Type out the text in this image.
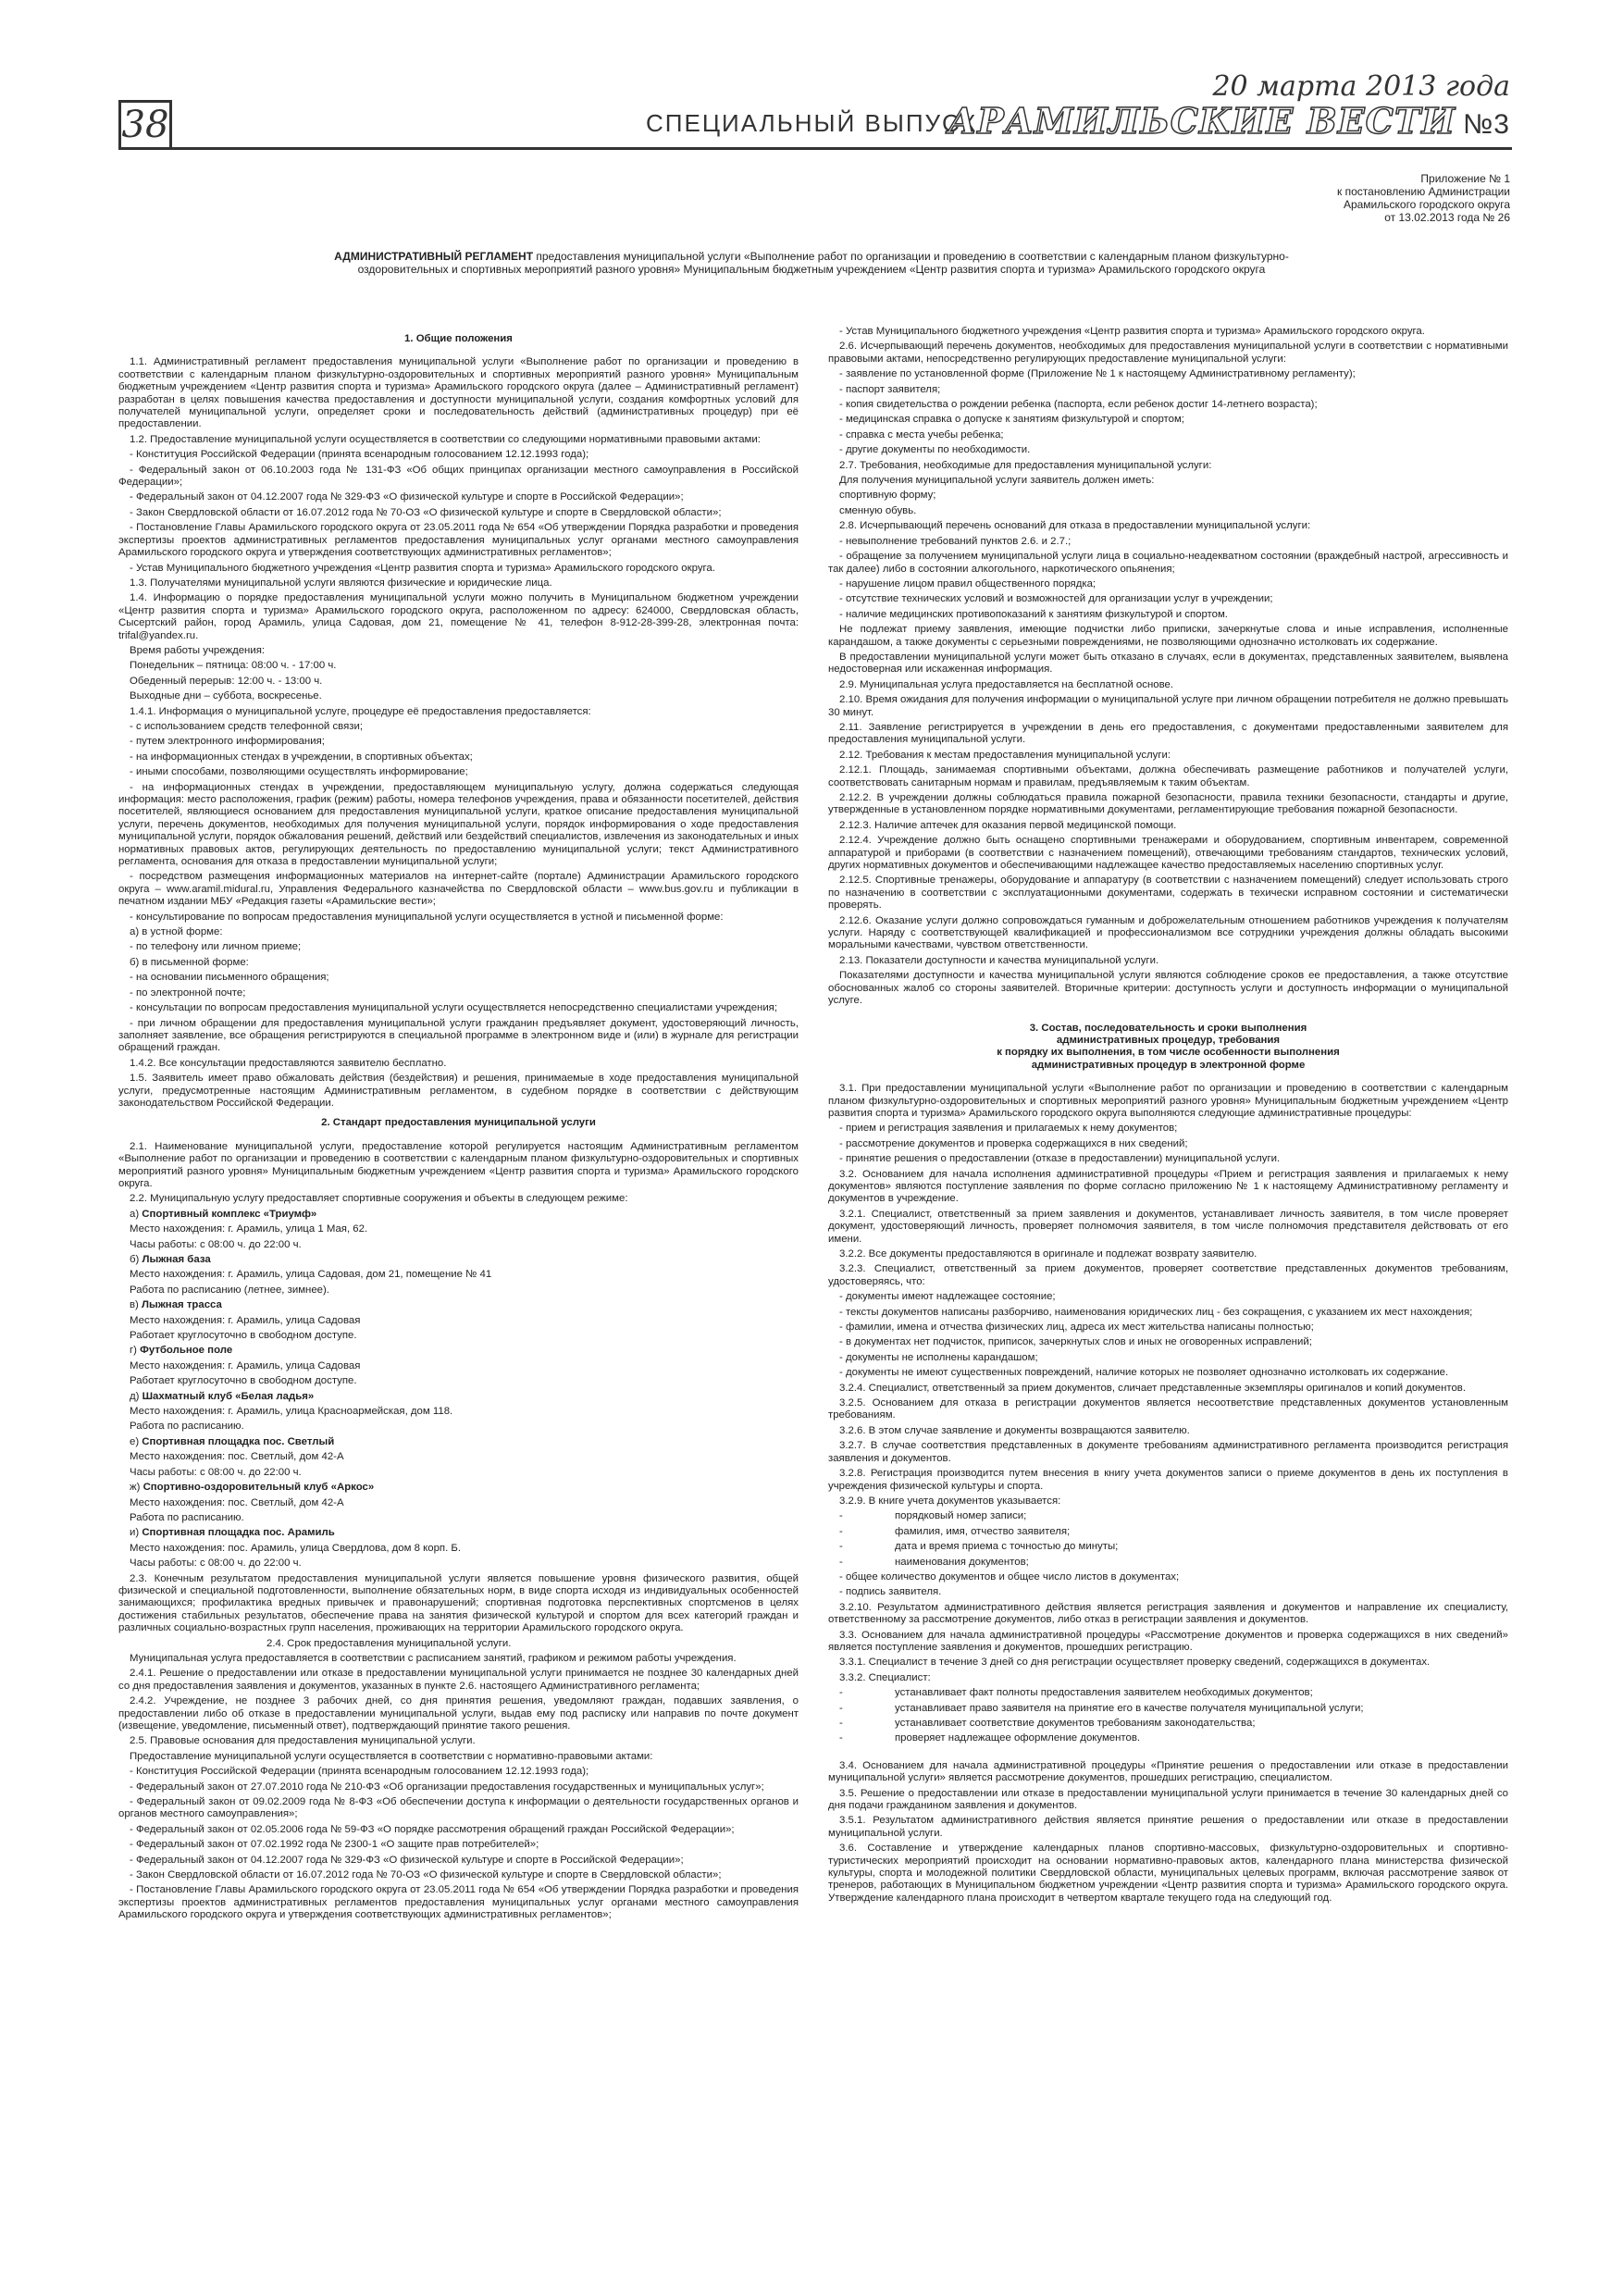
38	СПЕЦИАЛЬНЫЙ ВЫПУСК
20 марта 2013 года
АРАМИЛЬСКИЕ ВЕСТИ №3
Приложение № 1
к постановлению Администрации
Арамильского городского округа
от 13.02.2013 года № 26
АДМИНИСТРАТИВНЫЙ РЕГЛАМЕНТ предоставления муниципальной услуги «Выполнение работ по организации и проведению в соответствии с календарным планом физкультурно-оздоровительных и спортивных мероприятий разного уровня» Муниципальным бюджетным учреждением «Центр развития спорта и туризма» Арамильского городского округа

1. Общие положения

1.1. Административный регламент предоставления муниципальной услуги «Выполнение работ по организации и проведению в соответствии с календарным планом физкультурно-оздоровительных и спортивных мероприятий разного уровня» Муниципальным бюджетным учреждением «Центр развития спорта и туризма» Арамильского городского округа (далее – Административный регламент) разработан в целях повышения качества предоставления и доступности муниципальной услуги, создания комфортных условий для получателей муниципальной услуги, определяет сроки и последовательность действий (административных процедур) при её предоставлении.

1.2. Предоставление муниципальной услуги осуществляется в соответствии со следующими нормативными правовыми актами:

- Конституция Российской Федерации (принята всенародным голосованием 12.12.1993 года);

- Федеральный закон от 06.10.2003 года № 131-ФЗ «Об общих принципах организации местного самоуправления в Российской Федерации»;

- Федеральный закон от 04.12.2007 года № 329-ФЗ «О физической культуре и спорте в Российской Федерации»;

- Закон Свердловской области от 16.07.2012 года № 70-ОЗ «О физической культуре и спорте в Свердловской области»;

- Постановление Главы Арамильского городского округа от 23.05.2011 года № 654 «Об утверждении Порядка разработки и проведения экспертизы проектов административных регламентов предоставления муниципальных услуг органами местного самоуправления Арамильского городского округа и утверждения соответствующих административных регламентов»;

- Устав Муниципального бюджетного учреждения «Центр развития спорта и туризма» Арамильского городского округа.

1.3. Получателями муниципальной услуги являются физические и юридические лица.

1.4. Информацию о порядке предоставления муниципальной услуги можно получить в Муниципальном бюджетном учреждении «Центр развития спорта и туризма» Арамильского городского округа, расположенном по адресу: 624000, Свердловская область, Сысертский район, город Арамиль, улица Садовая, дом 21, помещение № 41, телефон 8-912-28-399-28, электронная почта: trifal@yandex.ru.

Время работы учреждения:

Понедельник – пятница: 08:00 ч. - 17:00 ч.

Обеденный перерыв: 12:00 ч. - 13:00 ч.

Выходные дни – суббота, воскресенье.

1.4.1. Информация о муниципальной услуге, процедуре её предоставления предоставляется:

- с использованием средств телефонной связи;

- путем электронного информирования;

- на информационных стендах в учреждении, в спортивных объектах;

- иными способами, позволяющими осуществлять информирование;

- на информационных стендах в учреждении, предоставляющем муниципальную услугу, должна содержаться следующая информация: место расположения, график (режим) работы, номера телефонов учреждения, права и обязанности посетителей, действия посетителей, являющиеся основанием для предоставления муниципальной услуги, краткое описание предоставления муниципальной услуги, перечень документов, необходимых для получения муниципальной услуги, порядок информирования о ходе предоставления муниципальной услуги, порядок обжалования решений, действий или бездействий специалистов, извлечения из законодательных и иных нормативных правовых актов, регулирующих деятельность по предоставлению муниципальной услуги; текст Административного регламента, основания для отказа в предоставлении муниципальной услуги;

- посредством размещения информационных материалов на интернет-сайте (портале) Администрации Арамильского городского округа – www.aramil.midural.ru, Управления Федерального казначейства по Свердловской области – www.bus.gov.ru и публикации в печатном издании МБУ «Редакция газеты «Арамильские вести»;

- консультирование по вопросам предоставления муниципальной услуги осуществляется в устной и письменной форме:

а) в устной форме:

- по телефону или личном приеме;

б) в письменной форме:

- на основании письменного обращения;

- по электронной почте;

- консультации по вопросам предоставления муниципальной услуги осуществляется непосредственно специалистами учреждения;

- при личном обращении для предоставления муниципальной услуги гражданин предъявляет документ, удостоверяющий личность, заполняет заявление, все обращения регистрируются в специальной программе в электронном виде и (или) в журнале для регистрации обращений граждан.

1.4.2. Все консультации предоставляются заявителю бесплатно.

1.5. Заявитель имеет право обжаловать действия (бездействия) и решения, принимаемые в ходе предоставления муниципальной услуги, предусмотренные настоящим Административным регламентом, в судебном порядке в соответствии с действующим законодательством Российской Федерации.

2. Стандарт предоставления муниципальной услуги

2.1. Наименование муниципальной услуги, предоставление которой регулируется настоящим Административным регламентом «Выполнение работ по организации и проведению в соответствии с календарным планом физкультурно-оздоровительных и спортивных мероприятий разного уровня» Муниципальным бюджетным учреждением «Центр развития спорта и туризма» Арамильского городского округа.

2.2. Муниципальную услугу предоставляет спортивные сооружения и объекты в следующем режиме:

а) Спортивный комплекс «Триумф»

Место нахождения: г. Арамиль, улица 1 Мая, 62.

Часы работы: с 08:00 ч. до 22:00 ч.

б) Лыжная база

Место нахождения: г. Арамиль, улица Садовая, дом 21, помещение № 41

Работа по расписанию (летнее, зимнее).

в) Лыжная трасса

Место нахождения: г. Арамиль, улица Садовая

Работает круглосуточно в свободном доступе.

г) Футбольное поле

Место нахождения: г. Арамиль, улица Садовая

Работает круглосуточно в свободном доступе.

д) Шахматный клуб «Белая ладья»

Место нахождения: г. Арамиль, улица Красноармейская, дом 118.

Работа по расписанию.

е) Спортивная площадка пос. Светлый

Место нахождения: пос. Светлый, дом 42-А

Часы работы: с 08:00 ч. до 22:00 ч.

ж) Спортивно-оздоровительный клуб «Аркос»

Место нахождения: пос. Светлый, дом 42-А

Работа по расписанию.

и) Спортивная площадка пос. Арамиль

Место нахождения: пос. Арамиль, улица Свердлова, дом 8 корп. Б.

Часы работы: с 08:00 ч. до 22:00 ч.

2.3. Конечным результатом предоставления муниципальной услуги является повышение уровня физического развития, общей физической и специальной подготовленности, выполнение обязательных норм, в виде спорта исходя из индивидуальных особенностей занимающихся; профилактика вредных привычек и правонарушений; спортивная подготовка перспективных спортсменов в целях достижения стабильных результатов, обеспечение права на занятия физической культурой и спортом для всех категорий граждан и различных социально-возрастных групп населения, проживающих на территории Арамильского городского округа.

2.4. Срок предоставления муниципальной услуги.

Муниципальная услуга предоставляется в соответствии с расписанием занятий, графиком и режимом работы учреждения.

2.4.1. Решение о предоставлении или отказе в предоставлении муниципальной услуги принимается не позднее 30 календарных дней со дня предоставления заявления и документов, указанных в пункте 2.6. настоящего Административного регламента;

2.4.2. Учреждение, не позднее 3 рабочих дней, со дня принятия решения, уведомляют граждан, подавших заявления, о предоставлении либо об отказе в предоставлении муниципальной услуги, выдав ему под расписку или направив по почте документ (извещение, уведомление, письменный ответ), подтверждающий принятие такого решения.

2.5. Правовые основания для предоставления муниципальной услуги.

Предоставление муниципальной услуги осуществляется в соответствии с нормативно-правовыми актами:

- Конституция Российской Федерации (принята всенародным голосованием 12.12.1993 года);

- Федеральный закон от 27.07.2010 года № 210-ФЗ «Об организации предоставления государственных и муниципальных услуг»;

- Федеральный закон от 09.02.2009 года № 8-ФЗ «Об обеспечении доступа к информации о деятельности государственных органов и органов местного самоуправления»;

- Федеральный закон от 02.05.2006 года № 59-ФЗ «О порядке рассмотрения обращений граждан Российской Федерации»;

- Федеральный закон от 07.02.1992 года № 2300-1 «О защите прав потребителей»;

- Федеральный закон от 04.12.2007 года № 329-ФЗ «О физической культуре и спорте в Российской Федерации»;

- Закон Свердловской области от 16.07.2012 года № 70-ОЗ «О физической культуре и спорте в Свердловской области»;

- Постановление Главы Арамильского городского округа от 23.05.2011 года № 654 «Об утверждении Порядка разработки и проведения экспертизы проектов административных регламентов предоставления муниципальных услуг органами местного самоуправления Арамильского городского округа и утверждения соответствующих административных регламентов»;

- Устав Муниципального бюджетного учреждения «Центр развития спорта и туризма» Арамильского городского округа.

2.6. Исчерпывающий перечень документов, необходимых для предоставления муниципальной услуги в соответствии с нормативными правовыми актами, непосредственно регулирующих предоставление муниципальной услуги:

- заявление по установленной форме (Приложение № 1 к настоящему Административному регламенту);

- паспорт заявителя;

- копия свидетельства о рождении ребенка (паспорта, если ребенок достиг 14-летнего возраста);

- медицинская справка о допуске к занятиям физкультурой и спортом;

- справка с места учебы ребенка;

- другие документы по необходимости.

2.7. Требования, необходимые для предоставления муниципальной услуги:

Для получения муниципальной услуги заявитель должен иметь:

спортивную форму;

сменную обувь.

2.8. Исчерпывающий перечень оснований для отказа в предоставлении муниципальной услуги:

- невыполнение требований пунктов 2.6. и 2.7.;

- обращение за получением муниципальной услуги лица в социально-неадекватном состоянии (враждебный настрой, агрессивность и так далее) либо в состоянии алкогольного, наркотического опьянения;

- нарушение лицом правил общественного порядка;

- отсутствие технических условий и возможностей для организации услуг в учреждении;

- наличие медицинских противопоказаний к занятиям физкультурой и спортом.

Не подлежат приему заявления, имеющие подчистки либо приписки, зачеркнутые слова и иные исправления, исполненные карандашом, а также документы с серьезными повреждениями, не позволяющими однозначно истолковать их содержание.

В предоставлении муниципальной услуги может быть отказано в случаях, если в документах, представленных заявителем, выявлена недостоверная или искаженная информация.

2.9. Муниципальная услуга предоставляется на бесплатной основе.

2.10. Время ожидания для получения информации о муниципальной услуге при личном обращении потребителя не должно превышать 30 минут.

2.11. Заявление регистрируется в учреждении в день его предоставления, с документами предоставленными заявителем для предоставления муниципальной услуги.

2.12. Требования к местам предоставления муниципальной услуги:

2.12.1. Площадь, занимаемая спортивными объектами, должна обеспечивать размещение работников и получателей услуги, соответствовать санитарным нормам и правилам, предъявляемым к таким объектам.

2.12.2. В учреждении должны соблюдаться правила пожарной безопасности, правила техники безопасности, стандарты и другие, утвержденные в установленном порядке нормативными документами, регламентирующие требования пожарной безопасности.

2.12.3. Наличие аптечек для оказания первой медицинской помощи.

2.12.4. Учреждение должно быть оснащено спортивными тренажерами и оборудованием, спортивным инвентарем, современной аппаратурой и приборами (в соответствии с назначением помещений), отвечающими требованиям стандартов, технических условий, других нормативных документов и обеспечивающими надлежащее качество предоставляемых населению спортивных услуг.

2.12.5. Спортивные тренажеры, оборудование и аппаратуру (в соответствии с назначением помещений) следует использовать строго по назначению в соответствии с эксплуатационными документами, содержать в техически исправном состоянии и систематически проверять.

2.12.6. Оказание услуги должно сопровождаться гуманным и доброжелательным отношением работников учреждения к получателям услуги. Наряду с соответствующей квалификацией и профессионализмом все сотрудники учреждения должны обладать высокими моральными качествами, чувством ответственности.

2.13. Показатели доступности и качества муниципальной услуги.

Показателями доступности и качества муниципальной услуги являются соблюдение сроков ее предоставления, а также отсутствие обоснованных жалоб со стороны заявителей. Вторичные критерии: доступность услуги и доступность информации о муниципальной услуге.

3. Состав, последовательность и сроки выполнения
административных процедур, требования
к порядку их выполнения, в том числе особенности выполнения
административных процедур в электронной форме

3.1. При предоставлении муниципальной услуги «Выполнение работ по организации и проведению в соответствии с календарным планом физкультурно-оздоровительных и спортивных мероприятий разного уровня» Муниципальным бюджетным учреждением «Центр развития спорта и туризма» Арамильского городского округа выполняются следующие административные процедуры:

- прием и регистрация заявления и прилагаемых к нему документов;

- рассмотрение документов и проверка содержащихся в них сведений;

- принятие решения о предоставлении (отказе в предоставлении) муниципальной услуги.

3.2. Основанием для начала исполнения административной процедуры «Прием и регистрация заявления и прилагаемых к нему документов» являются поступление заявления по форме согласно приложению № 1 к настоящему Административному регламенту и документов в учреждение.

3.2.1. Специалист, ответственный за прием заявления и документов, устанавливает личность заявителя, в том числе проверяет документ, удостоверяющий личность, проверяет полномочия заявителя, в том числе полномочия представителя действовать от его имени.

3.2.2. Все документы предоставляются в оригинале и подлежат возврату заявителю.

3.2.3. Специалист, ответственный за прием документов, проверяет соответствие представленных документов требованиям, удостоверяясь, что:

- документы имеют надлежащее состояние;

- тексты документов написаны разборчиво, наименования юридических лиц - без сокращения, с указанием их мест нахождения;

- фамилии, имена и отчества физических лиц, адреса их мест жительства написаны полностью;

- в документах нет подчисток, приписок, зачеркнутых слов и иных не оговоренных исправлений;

- документы не исполнены карандашом;

- документы не имеют существенных повреждений, наличие которых не позволяет однозначно истолковать их содержание.

3.2.4. Специалист, ответственный за прием документов, сличает представленные экземпляры оригиналов и копий документов.

3.2.5. Основанием для отказа в регистрации документов является несоответствие представленных документов установленным требованиям.

3.2.6. В этом случае заявление и документы возвращаются заявителю.

3.2.7. В случае соответствия представленных в документе требованиям административного регламента производится регистрация заявления и документов.

3.2.8. Регистрация производится путем внесения в книгу учета документов записи о приеме документов в день их поступления в учреждения физической культуры и спорта.

3.2.9. В книге учета документов указывается:

-	порядковый номер записи;

-	фамилия, имя, отчество заявителя;

-	дата и время приема с точностью до минуты;

-	наименования документов;

- общее количество документов и общее число листов в документах;

- подпись заявителя.

3.2.10. Результатом административного действия является регистрация заявления и документов и направление их специалисту, ответственному за рассмотрение документов, либо отказ в регистрации заявления и документов.

3.3. Основанием для начала административной процедуры «Рассмотрение документов и проверка содержащихся в них сведений» является поступление заявления и документов, прошедших регистрацию.

3.3.1. Специалист в течение 3 дней со дня регистрации осуществляет проверку сведений, содержащихся в документах.

3.3.2. Специалист:

-	устанавливает факт полноты предоставления заявителем необходимых документов;

-	устанавливает право заявителя на принятие его в качестве получателя муниципальной услуги;

-	устанавливает соответствие документов требованиям законодательства;

-	проверяет надлежащее оформление документов.

3.4. Основанием для начала административной процедуры «Принятие решения о предоставлении или отказе в предоставлении муниципальной услуги» является рассмотрение документов, прошедших регистрацию, специалистом.

3.5. Решение о предоставлении или отказе в предоставлении муниципальной услуги принимается в течение 30 календарных дней со дня подачи гражданином заявления и документов.

3.5.1. Результатом административного действия является принятие решения о предоставлении или отказе в предоставлении муниципальной услуги.

3.6. Составление и утверждение календарных планов спортивно-массовых, физкультурно-оздоровительных и спортивно-туристических мероприятий происходит на основании нормативно-правовых актов, календарного плана министерства физической культуры, спорта и молодежной политики Свердловской области, муниципальных целевых программ, включая рассмотрение заявок от тренеров, работающих в Муниципальном бюджетном учреждении «Центр развития спорта и туризма» Арамильского городского округа. Утверждение календарного плана происходит в четвертом квартале текущего года на следующий год.
